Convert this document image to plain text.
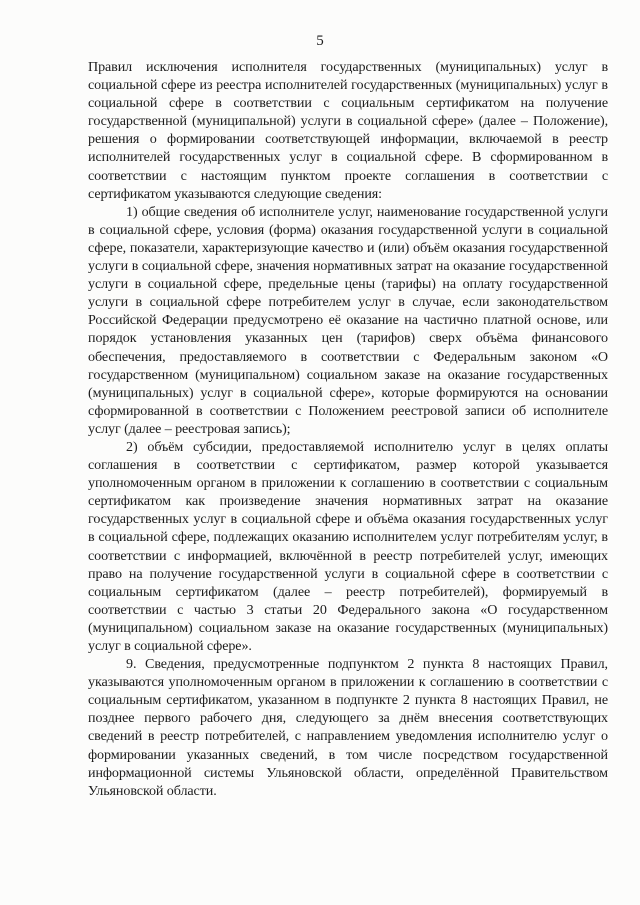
5

Правил исключения исполнителя государственных (муниципальных) услуг в социальной сфере из реестра исполнителей государственных (муниципальных) услуг в социальной сфере в соответствии с социальным сертификатом на получение государственной (муниципальной) услуги в социальной сфере» (далее – Положение), решения о формировании соответствующей информации, включаемой в реестр исполнителей государственных услуг в социальной сфере. В сформированном в соответствии с настоящим пунктом проекте соглашения в соответствии с сертификатом указываются следующие сведения:

1) общие сведения об исполнителе услуг, наименование государственной услуги в социальной сфере, условия (форма) оказания государственной услуги в социальной сфере, показатели, характеризующие качество и (или) объём оказания государственной услуги в социальной сфере, значения нормативных затрат на оказание государственной услуги в социальной сфере, предельные цены (тарифы) на оплату государственной услуги в социальной сфере потребителем услуг в случае, если законодательством Российской Федерации предусмотрено её оказание на частично платной основе, или порядок установления указанных цен (тарифов) сверх объёма финансового обеспечения, предоставляемого в соответствии с Федеральным законом «О государственном (муниципальном) социальном заказе на оказание государственных (муниципальных) услуг в социальной сфере», которые формируются на основании сформированной в соответствии с Положением реестровой записи об исполнителе услуг (далее – реестровая запись);

2) объём субсидии, предоставляемой исполнителю услуг в целях оплаты соглашения в соответствии с сертификатом, размер которой указывается уполномоченным органом в приложении к соглашению в соответствии с социальным сертификатом как произведение значения нормативных затрат на оказание государственных услуг в социальной сфере и объёма оказания государственных услуг в социальной сфере, подлежащих оказанию исполнителем услуг потребителям услуг, в соответствии с информацией, включённой в реестр потребителей услуг, имеющих право на получение государственной услуги в социальной сфере в соответствии с социальным сертификатом (далее – реестр потребителей), формируемый в соответствии с частью 3 статьи 20 Федерального закона «О государственном (муниципальном) социальном заказе на оказание государственных (муниципальных) услуг в социальной сфере».

9. Сведения, предусмотренные подпунктом 2 пункта 8 настоящих Правил, указываются уполномоченным органом в приложении к соглашению в соответствии с социальным сертификатом, указанном в подпункте 2 пункта 8 настоящих Правил, не позднее первого рабочего дня, следующего за днём внесения соответствующих сведений в реестр потребителей, с направлением уведомления исполнителю услуг о формировании указанных сведений, в том числе посредством государственной информационной системы Ульяновской области, определённой Правительством Ульяновской области.
